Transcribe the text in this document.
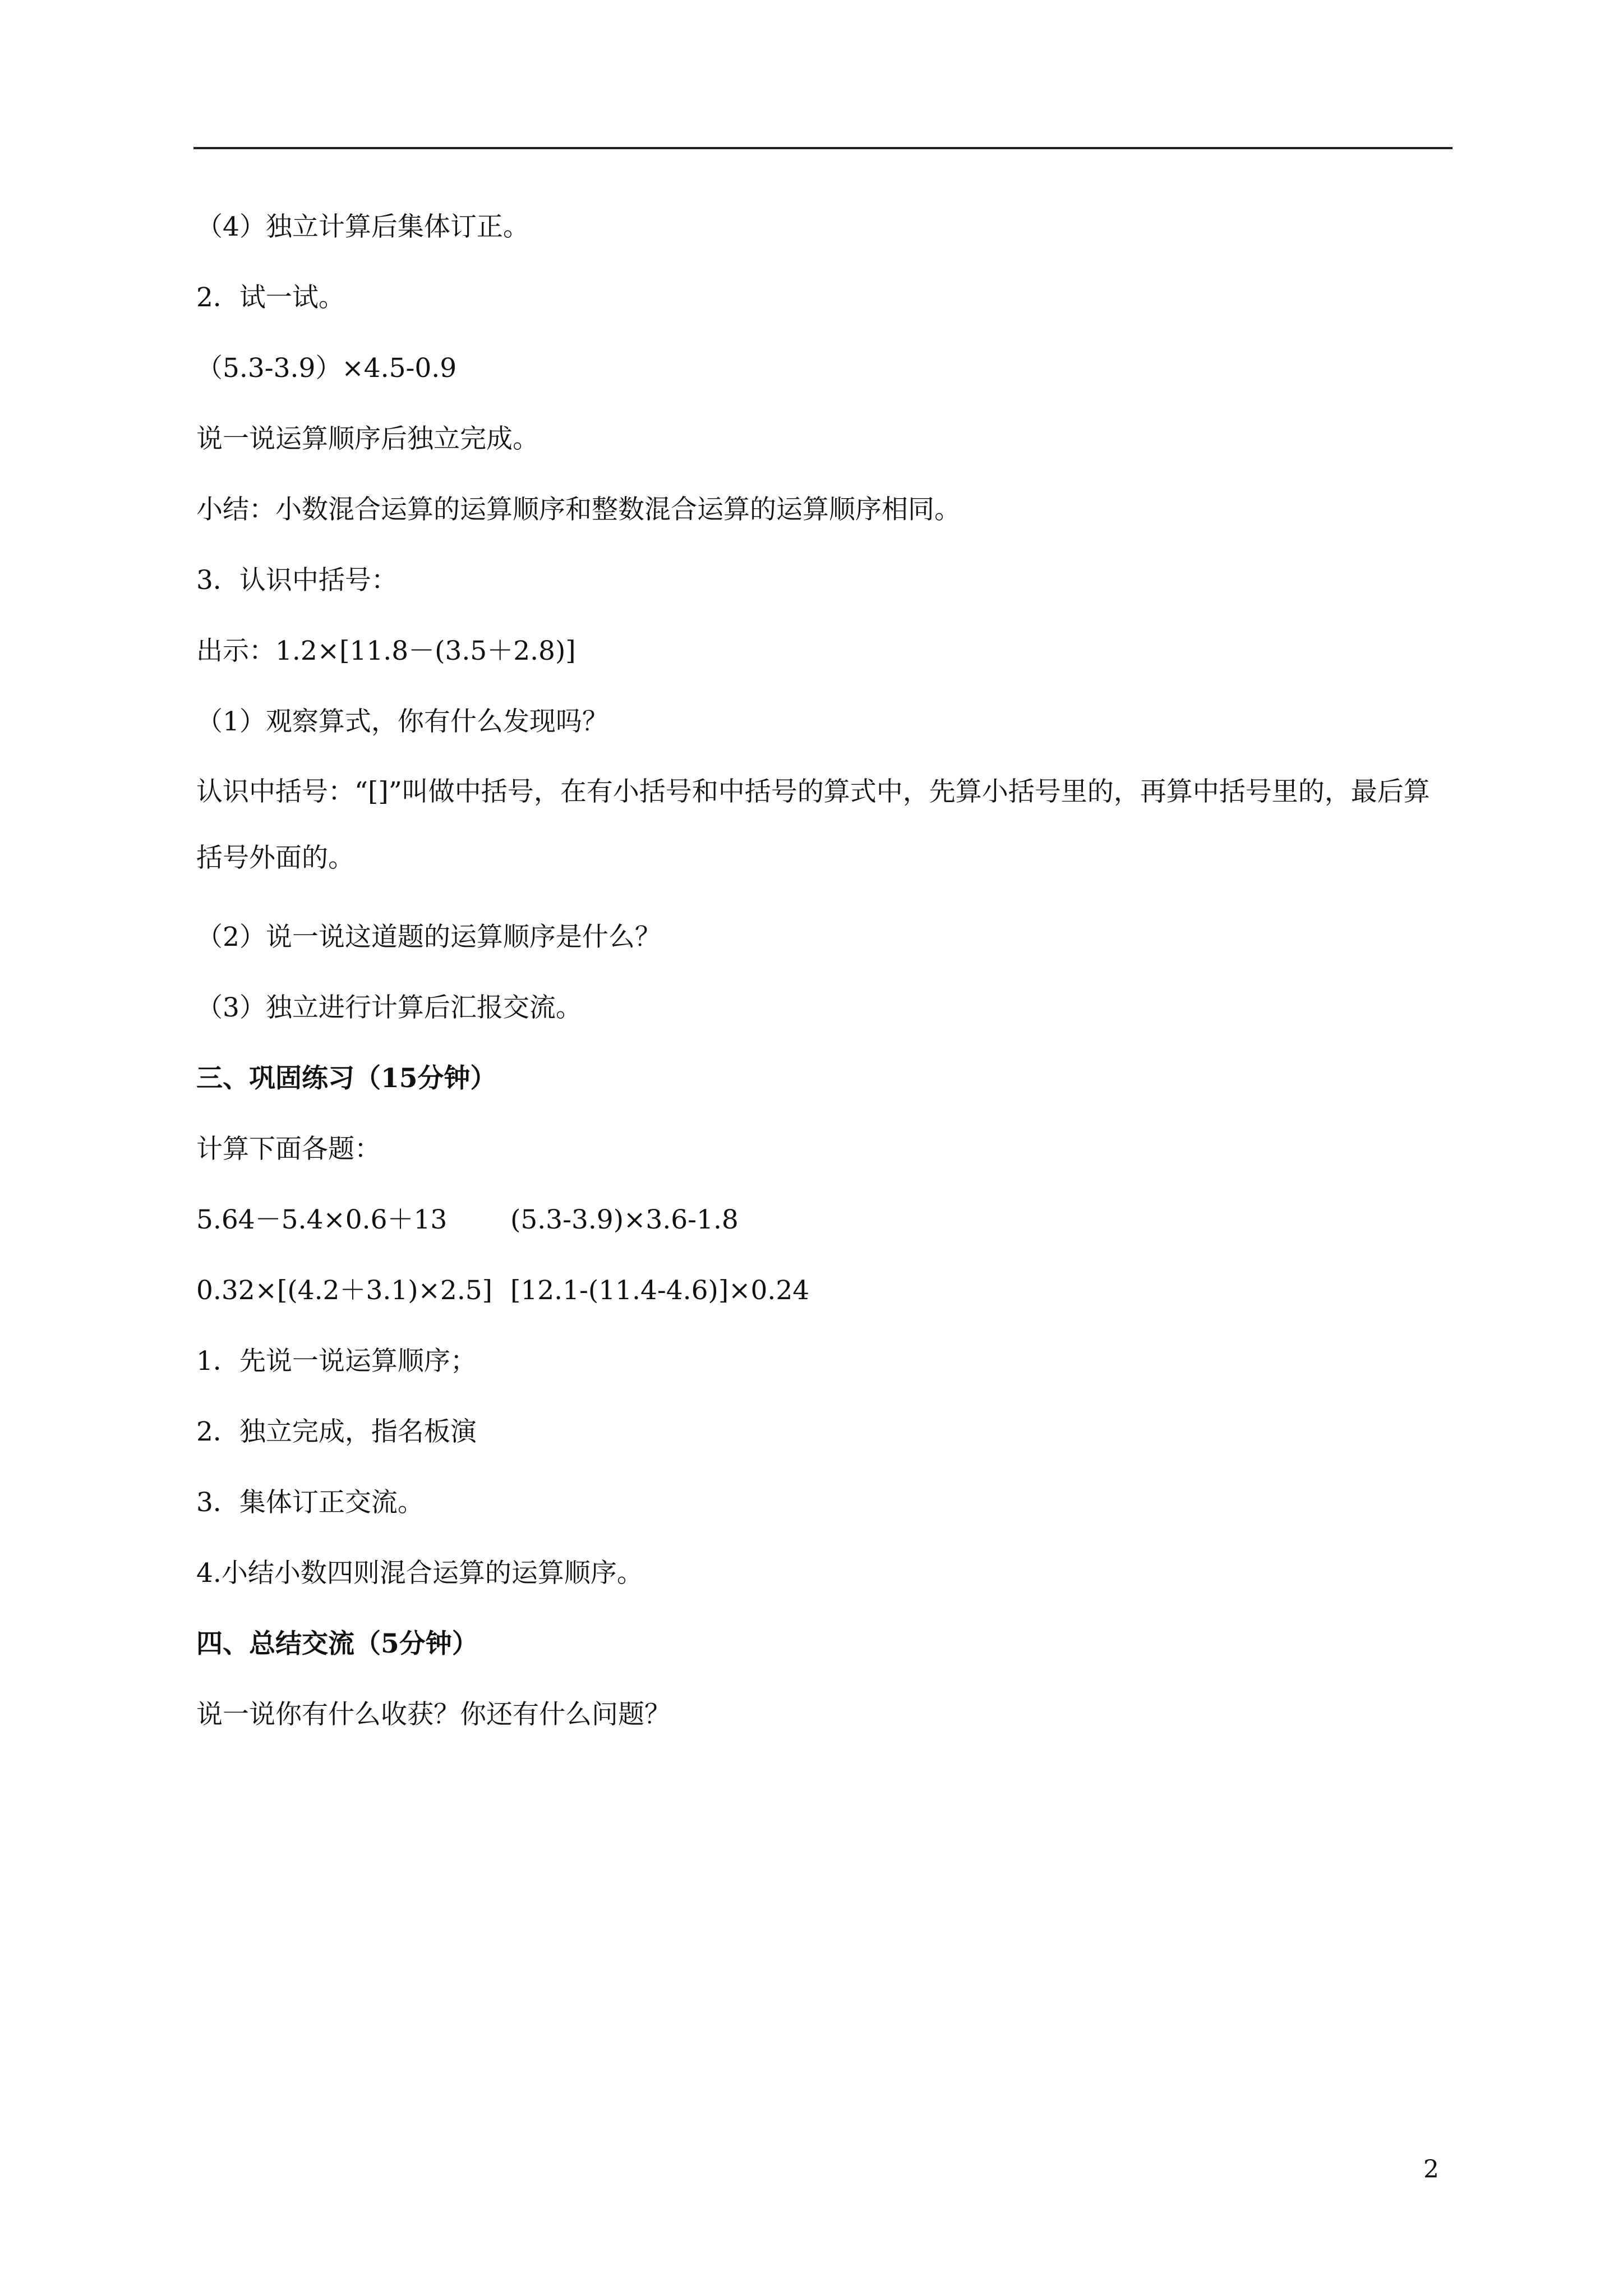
（4）独立计算后集体订正。

2．试一试。

（5.3-3.9）×4.5-0.9

说一说运算顺序后独立完成。

小结：小数混合运算的运算顺序和整数混合运算的运算顺序相同。

3．认识中括号：

出示：1.2×[11.8－(3.5＋2.8)]

（1）观察算式，你有什么发现吗？

认识中括号：“[]”叫做中括号，在有小括号和中括号的算式中，先算小括号里的，再算中括号里的，最后算括号外面的。

（2）说一说这道题的运算顺序是什么？

（3）独立进行计算后汇报交流。

三、巩固练习（15分钟）

计算下面各题：

5.64－5.4×0.6＋13	(5.3-3.9)×3.6-1.8
0.32×[(4.2＋3.1)×2.5] [12.1-(11.4-4.6)]×0.24

1．先说一说运算顺序；

2．独立完成，指名板演

3．集体订正交流。

4.小结小数四则混合运算的运算顺序。

四、总结交流（5分钟）

说一说你有什么收获？你还有什么问题？

2
